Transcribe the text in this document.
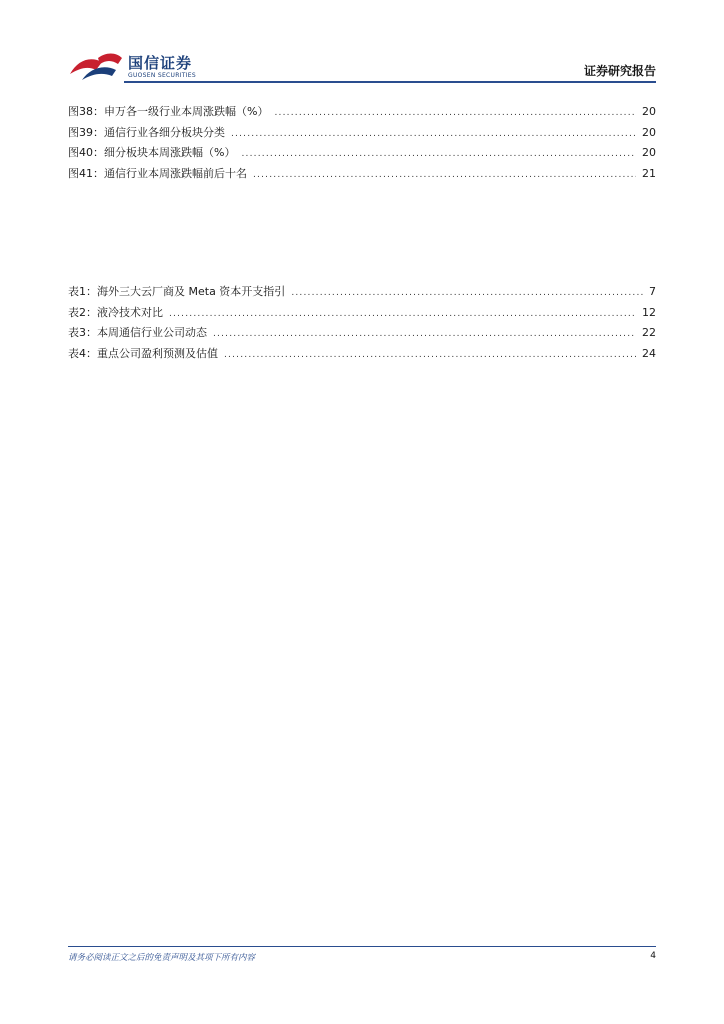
国信证券
GUOSEN SECURITIES	证券研究报告
图38： 申万各一级行业本周涨跌幅（%） .....	20
图39： 通信行业各细分板块分类 .....	20
图40： 细分板块本周涨跌幅（%） .....	20
图41： 通信行业本周涨跌幅前后十名 .....	21
表1： 海外三大云厂商及 Meta 资本开支指引 .....	7
表2： 液冷技术对比 .....	12
表3： 本周通信行业公司动态 .....	22
表4： 重点公司盈利预测及估值 .....	24
请务必阅读正文之后的免责声明及其项下所有内容	4
